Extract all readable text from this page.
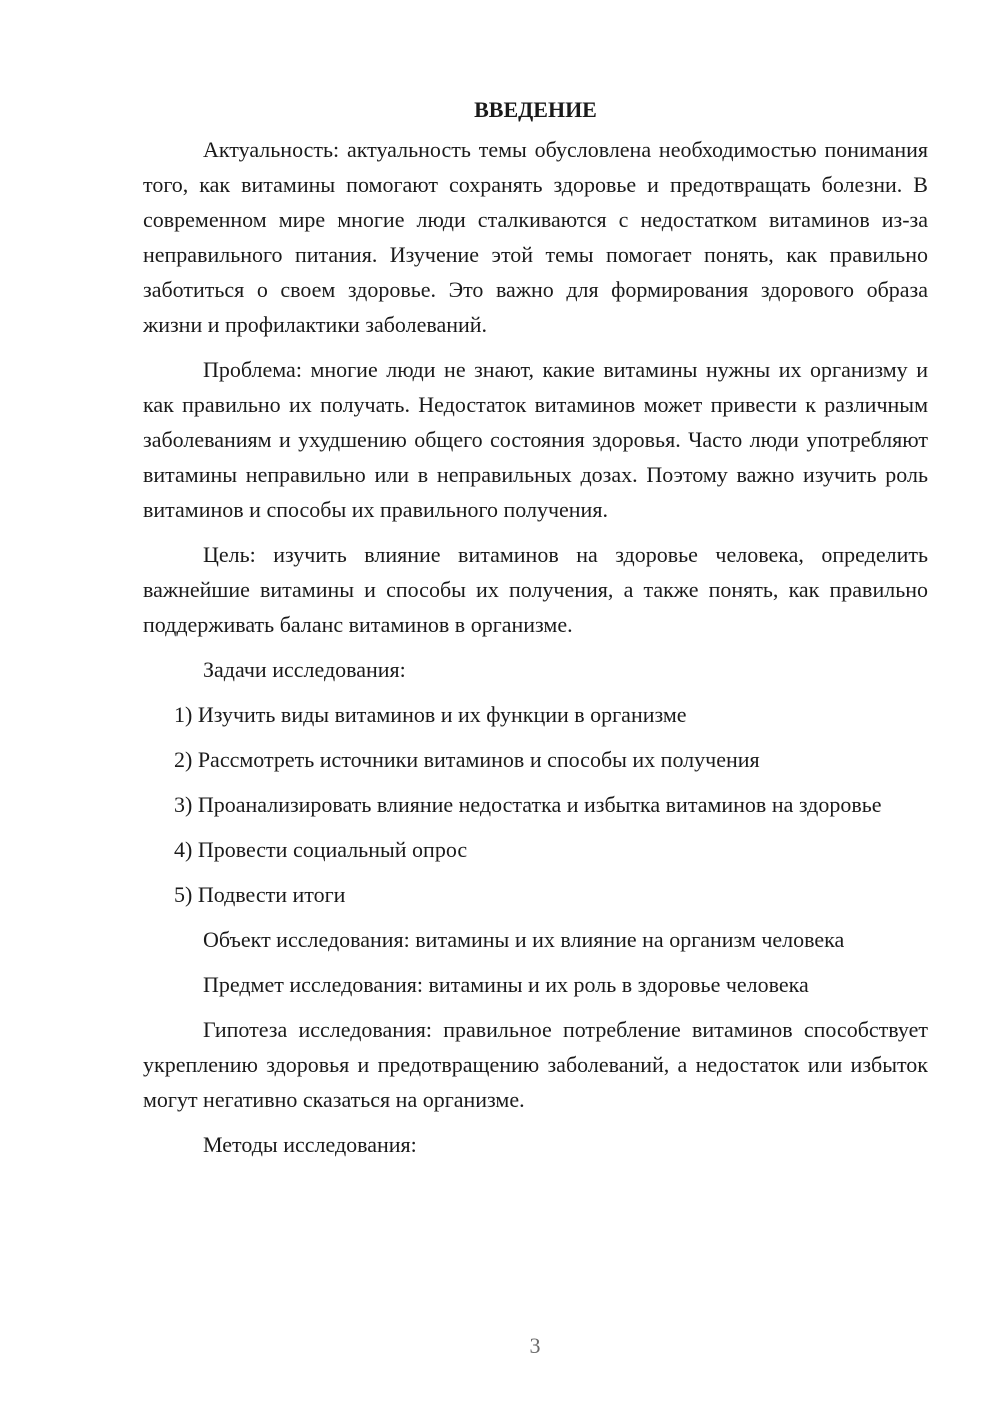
ВВЕДЕНИЕ

Актуальность: актуальность темы обусловлена необходимостью понимания того, как витамины помогают сохранять здоровье и предотвращать болезни. В современном мире многие люди сталкиваются с недостатком витаминов из-за неправильного питания. Изучение этой темы помогает понять, как правильно заботиться о своем здоровье. Это важно для формирования здорового образа жизни и профилактики заболеваний.

Проблема: многие люди не знают, какие витамины нужны их организму и как правильно их получать. Недостаток витаминов может привести к различным заболеваниям и ухудшению общего состояния здоровья. Часто люди употребляют витамины неправильно или в неправильных дозах. Поэтому важно изучить роль витаминов и способы их правильного получения.

Цель: изучить влияние витаминов на здоровье человека, определить важнейшие витамины и способы их получения, а также понять, как правильно поддерживать баланс витаминов в организме.

Задачи исследования:

1) Изучить виды витаминов и их функции в организме

2) Рассмотреть источники витаминов и способы их получения

3) Проанализировать влияние недостатка и избытка витаминов на здоровье

4) Провести социальный опрос

5) Подвести итоги

Объект исследования: витамины и их влияние на организм человека

Предмет исследования: витамины и их роль в здоровье человека

Гипотеза исследования: правильное потребление витаминов способствует укреплению здоровья и предотвращению заболеваний, а недостаток или избыток могут негативно сказаться на организме.

Методы исследования:

3
